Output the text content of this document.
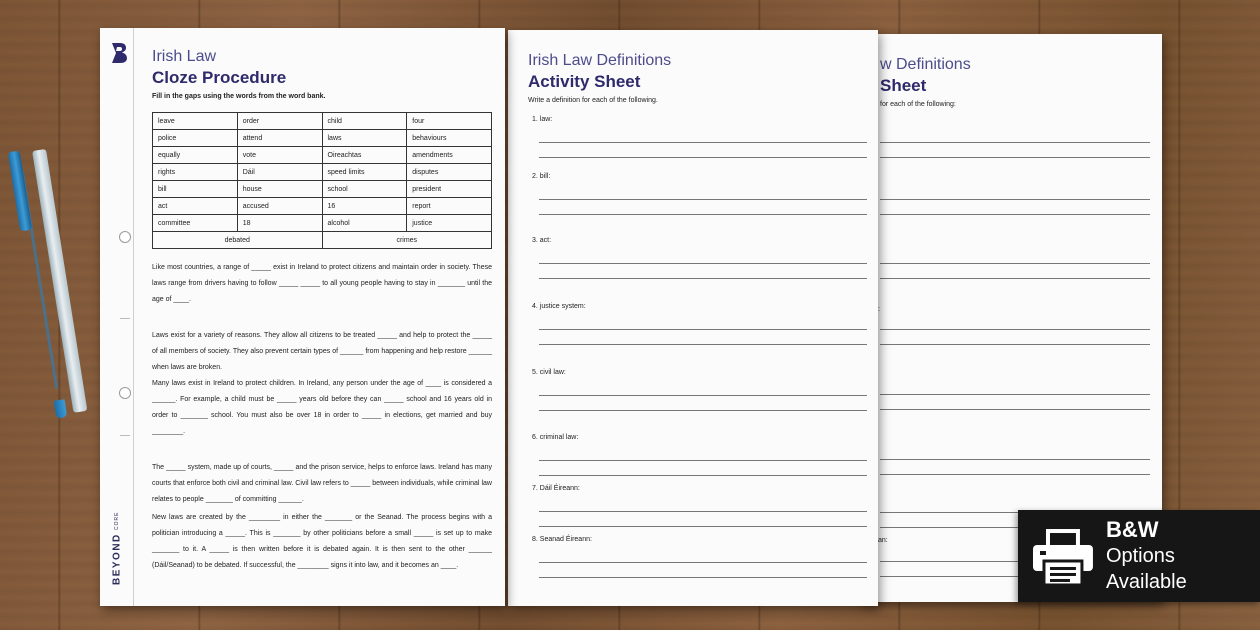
w Definitions
Sheet
for each of the following:
:
an:
Irish Law Definitions
Activity Sheet
Write a definition for each of the following.
1. law:
2. bill:
3. act:
4. justice system:
5. civil law:
6. criminal law:
7. Dáil Éireann:
8. Seanad Éireann:
BEYOND
CORE
Irish Law
Cloze Procedure
Fill in the gaps using the words from the word bank.
leave	order	child	four
police	attend	laws	behaviours
equally	vote	Oireachtas	amendments
rights	Dáil	speed limits	disputes
bill	house	school	president
act	accused	16	report
committee	18	alcohol	justice
debated		crimes	
Like most countries, a range of _____ exist in Ireland to protect citizens and maintain order in society. These laws range from drivers having to follow _____ _____ to all young people having to stay in _______ until the age of ____.
Laws exist for a variety of reasons. They allow all citizens to be treated _____ and help to protect the _____ of all members of society. They also prevent certain types of ______ from happening and help restore ______ when laws are broken.
Many laws exist in Ireland to protect children. In Ireland, any person under the age of ____ is considered a ______. For example, a child must be _____ years old before they can _____ school and 16 years old in order to _______ school. You must also be over 18 in order to _____ in elections, get married and buy ________.
The _____ system, made up of courts, _____ and the prison service, helps to enforce laws. Ireland has many courts that enforce both civil and criminal law. Civil law refers to _____ between individuals, while criminal law relates to people _______ of committing ______.
New laws are created by the ________ in either the _______ or the Seanad. The process begins with a politician introducing a _____. This is _______ by other politicians before a small _____ is set up to make _______ to it. A _____ is then written before it is debated again. It is then sent to the other ______ (Dáil/Seanad) to be debated. If successful, the ________ signs it into law, and it becomes an ____.
B&W
Options Available
